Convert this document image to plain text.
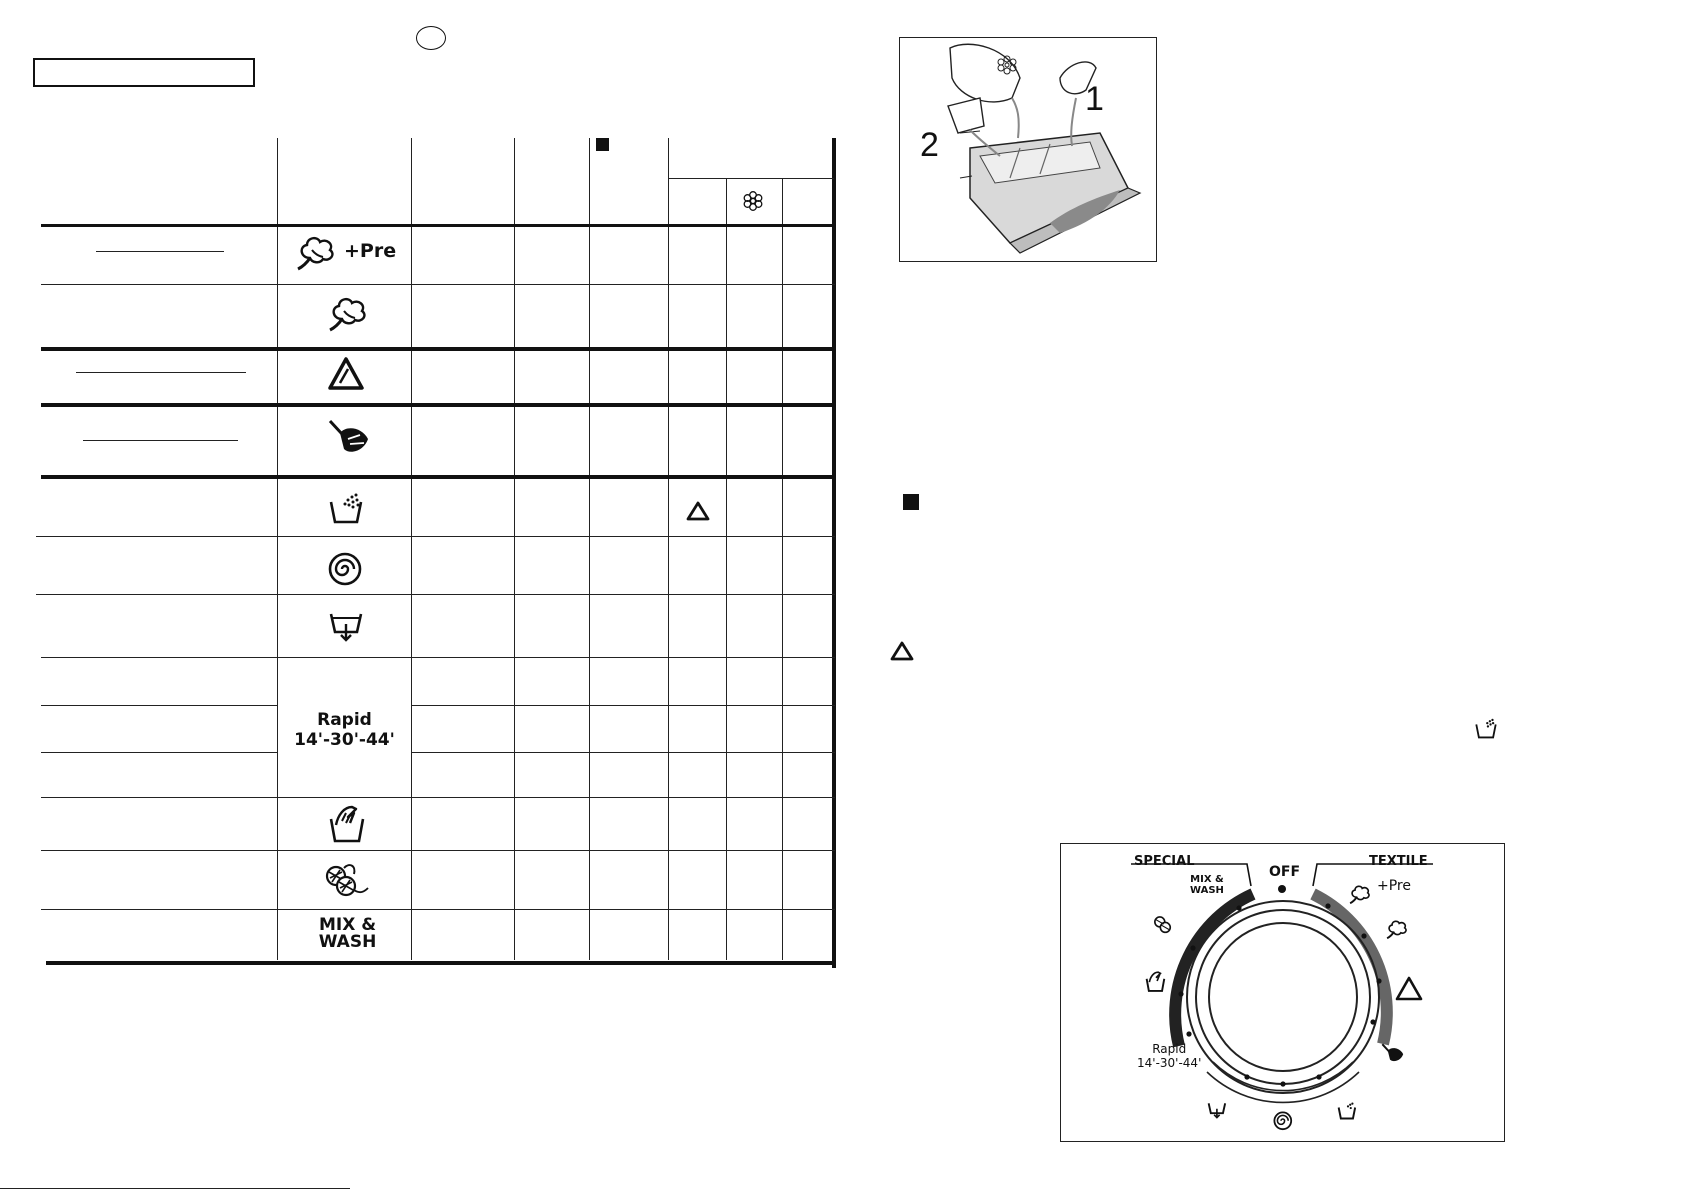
+Pre
Rapid
14'-30'-44'
MIX &
WASH
1
2
SPECIAL	TEXTILE
OFF
MIX &
WASH	+Pre
Rapid
14'-30'-44'
